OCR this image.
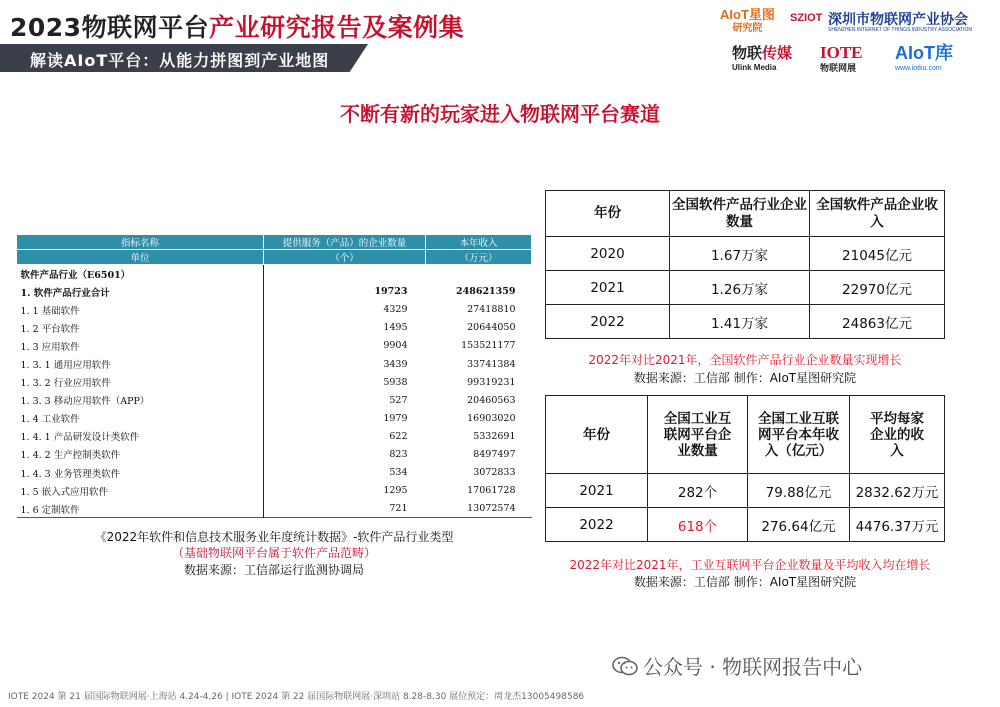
2023物联网平台产业研究报告及案例集
解读AIoT平台：从能力拼图到产业地图
AIoT星图
研究院
SZIOT 深圳市物联网产业协会
SHENZHEN INTERNET OF THINGS INDUSTRY ASSOCIATION
物联传媒
Ulink Media
IOTE
物联网展
AIoT库
www.iotku.com
不断有新的玩家进入物联网平台赛道
指标名称	提供服务（产品）的企业数量	本年收入
单位	（个）	（万元）
软件产品行业（E6501）		
1. 软件产品行业合计	19723	248621359
1. 1 基础软件	4329	27418810
1. 2 平台软件	1495	20644050
1. 3 应用软件	9904	153521177
1. 3. 1 通用应用软件	3439	33741384
1. 3. 2 行业应用软件	5938	99319231
1. 3. 3 移动应用软件（APP）	527	20460563
1. 4 工业软件	1979	16903020
1. 4. 1 产品研发设计类软件	622	5332691
1. 4. 2 生产控制类软件	823	8497497
1. 4. 3 业务管理类软件	534	3072833
1. 5 嵌入式应用软件	1295	17061728
1. 6 定制软件	721	13072574
《2022年软件和信息技术服务业年度统计数据》-软件产品行业类型
（基础物联网平台属于软件产品范畴）
数据来源：工信部运行监测协调局
年份	全国软件产品行业企业数量	全国软件产品企业收入
2020	1.67万家	21045亿元
2021	1.26万家	22970亿元
2022	1.41万家	24863亿元
2022年对比2021年，全国软件产品行业企业数量实现增长
数据来源：工信部 制作：AIoT星图研究院
年份	全国工业互联网平台企业数量	全国工业互联网平台本年收入（亿元）	平均每家企业的收入
2021	282个	79.88亿元	2832.62万元
2022	618个	276.64亿元	4476.37万元
2022年对比2021年，工业互联网平台企业数量及平均收入均在增长
数据来源：工信部 制作：AIoT星图研究院
公众号 · 物联网报告中心
IOTE 2024 第 21 届国际物联网展·上海站 4.24-4.26 | IOTE 2024 第 22 届国际物联网展·深圳站 8.28-8.30 展位预定：周龙杰13005498586
